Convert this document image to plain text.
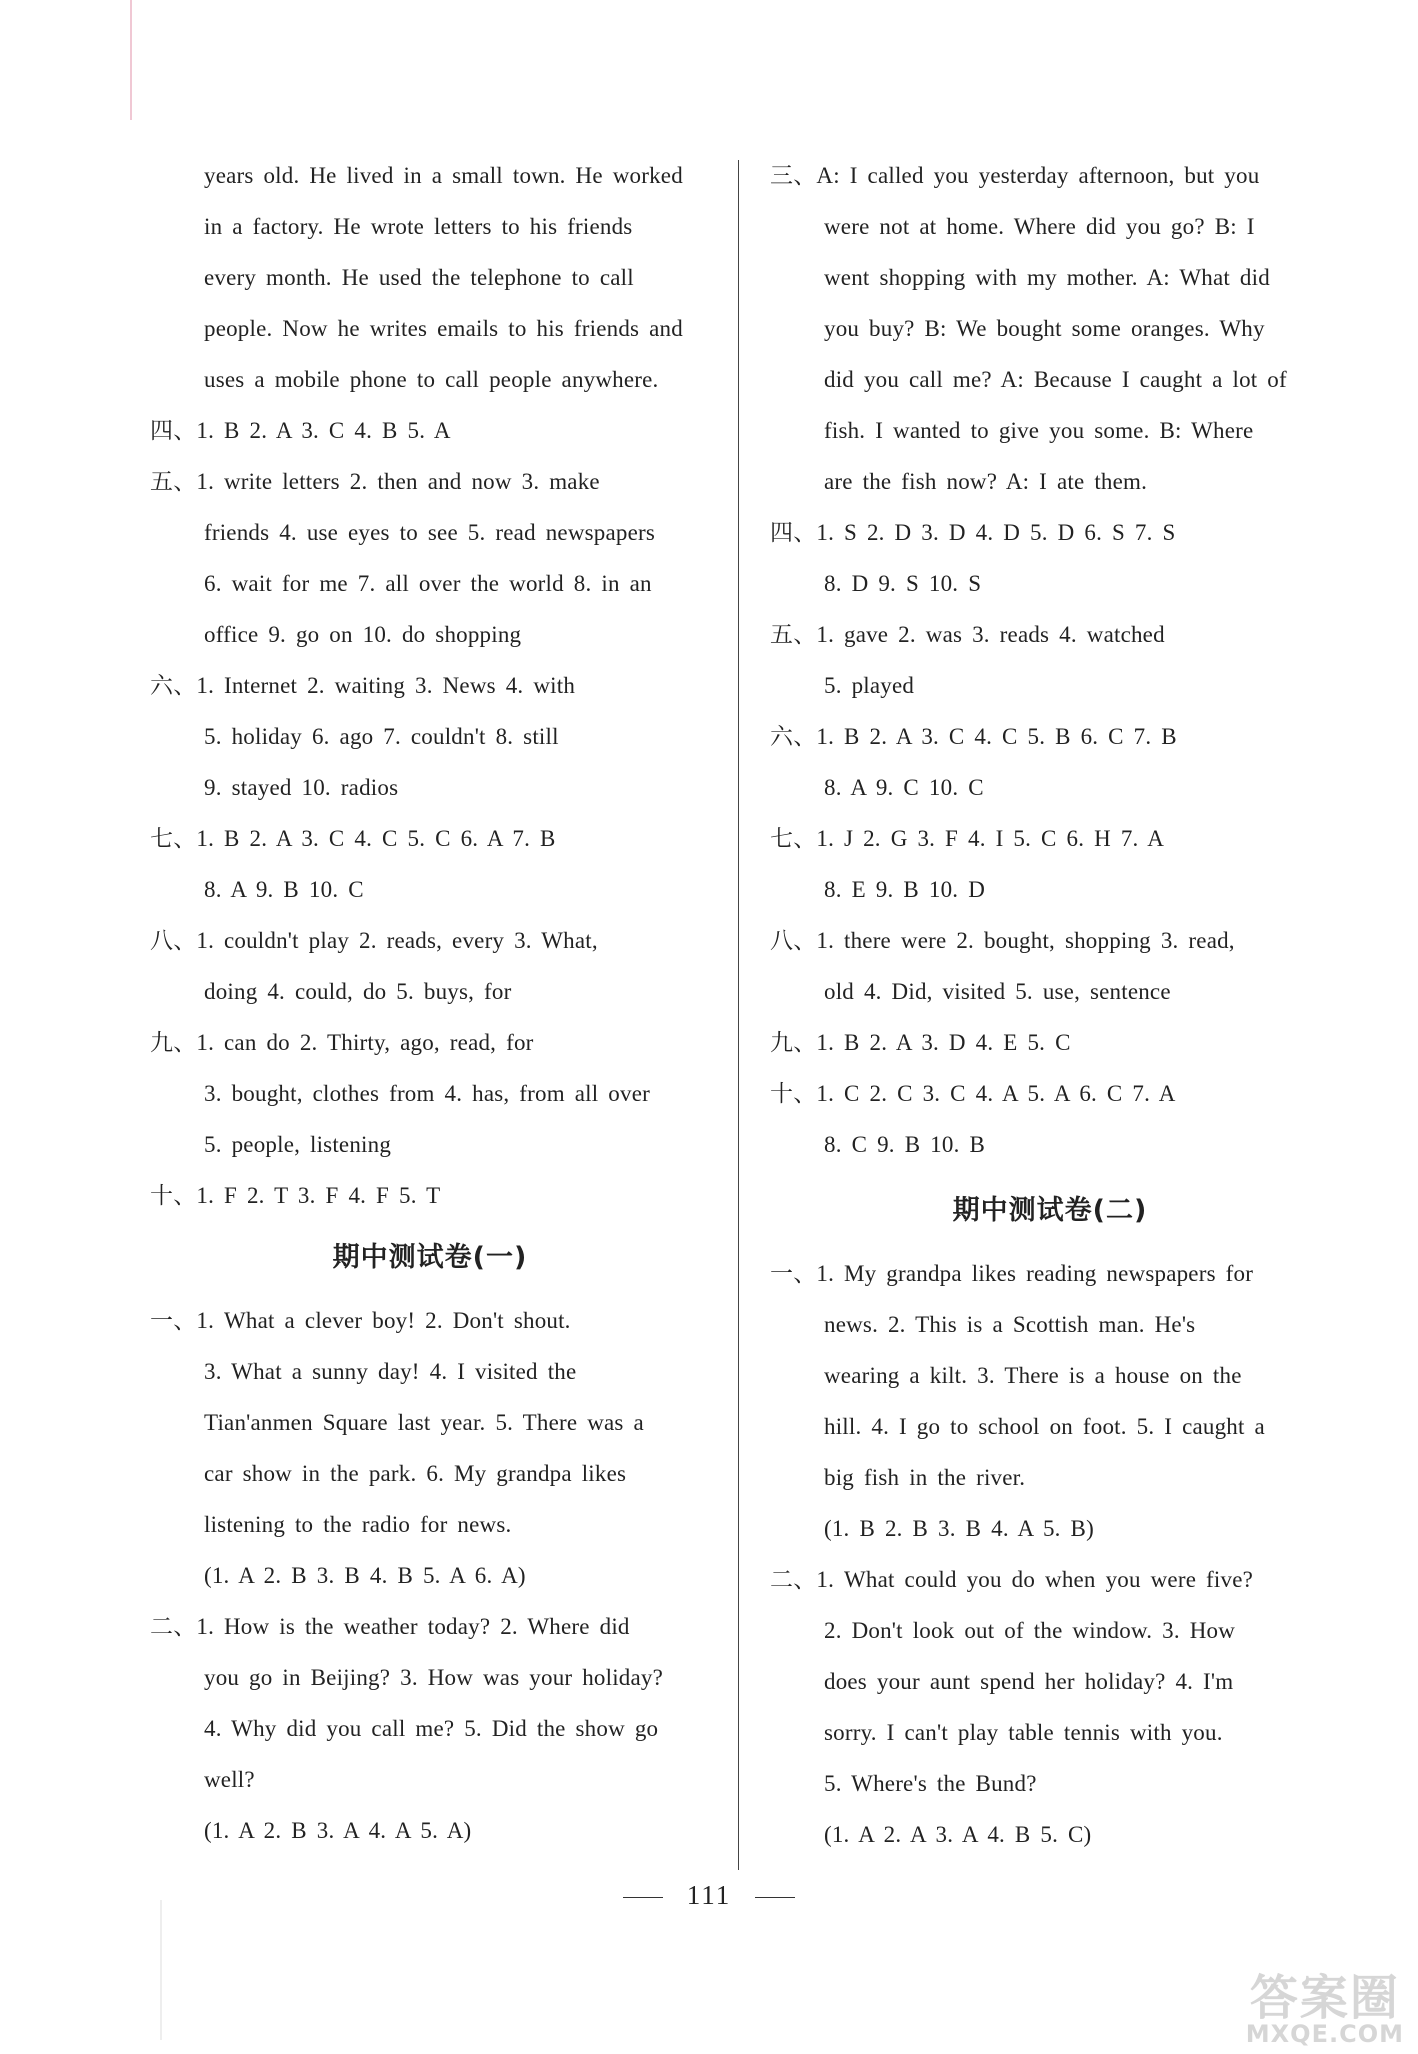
years old. He lived in a small town. He worked
in a factory. He wrote letters to his friends
every month. He used the telephone to call
people. Now he writes emails to his friends and
uses a mobile phone to call people anywhere.
四、1. B 2. A 3. C 4. B 5. A
五、1. write letters 2. then and now 3. make
friends 4. use eyes to see 5. read newspapers
6. wait for me 7. all over the world 8. in an
office 9. go on 10. do shopping
六、1. Internet 2. waiting 3. News 4. with
5. holiday 6. ago 7. couldn't 8. still
9. stayed 10. radios
七、1. B 2. A 3. C 4. C 5. C 6. A 7. B
8. A 9. B 10. C
八、1. couldn't play 2. reads, every 3. What,
doing 4. could, do 5. buys, for
九、1. can do 2. Thirty, ago, read, for
3. bought, clothes from 4. has, from all over
5. people, listening
十、1. F 2. T 3. F 4. F 5. T
期中测试卷(一)
一、1. What a clever boy! 2. Don't shout.
3. What a sunny day! 4. I visited the
Tian'anmen Square last year. 5. There was a
car show in the park. 6. My grandpa likes
listening to the radio for news.
(1. A 2. B 3. B 4. B 5. A 6. A)
二、1. How is the weather today? 2. Where did
you go in Beijing? 3. How was your holiday?
4. Why did you call me? 5. Did the show go
well?
(1. A 2. B 3. A 4. A 5. A)
三、A: I called you yesterday afternoon, but you
were not at home. Where did you go? B: I
went shopping with my mother. A: What did
you buy? B: We bought some oranges. Why
did you call me? A: Because I caught a lot of
fish. I wanted to give you some. B: Where
are the fish now? A: I ate them.
四、1. S 2. D 3. D 4. D 5. D 6. S 7. S
8. D 9. S 10. S
五、1. gave 2. was 3. reads 4. watched
5. played
六、1. B 2. A 3. C 4. C 5. B 6. C 7. B
8. A 9. C 10. C
七、1. J 2. G 3. F 4. I 5. C 6. H 7. A
8. E 9. B 10. D
八、1. there were 2. bought, shopping 3. read,
old 4. Did, visited 5. use, sentence
九、1. B 2. A 3. D 4. E 5. C
十、1. C 2. C 3. C 4. A 5. A 6. C 7. A
8. C 9. B 10. B
期中测试卷(二)
一、1. My grandpa likes reading newspapers for
news. 2. This is a Scottish man. He's
wearing a kilt. 3. There is a house on the
hill. 4. I go to school on foot. 5. I caught a
big fish in the river.
(1. B 2. B 3. B 4. A 5. B)
二、1. What could you do when you were five?
2. Don't look out of the window. 3. How
does your aunt spend her holiday? 4. I'm
sorry. I can't play table tennis with you.
5. Where's the Bund?
(1. A 2. A 3. A 4. B 5. C)
111
答案圈
MXQE.COM
